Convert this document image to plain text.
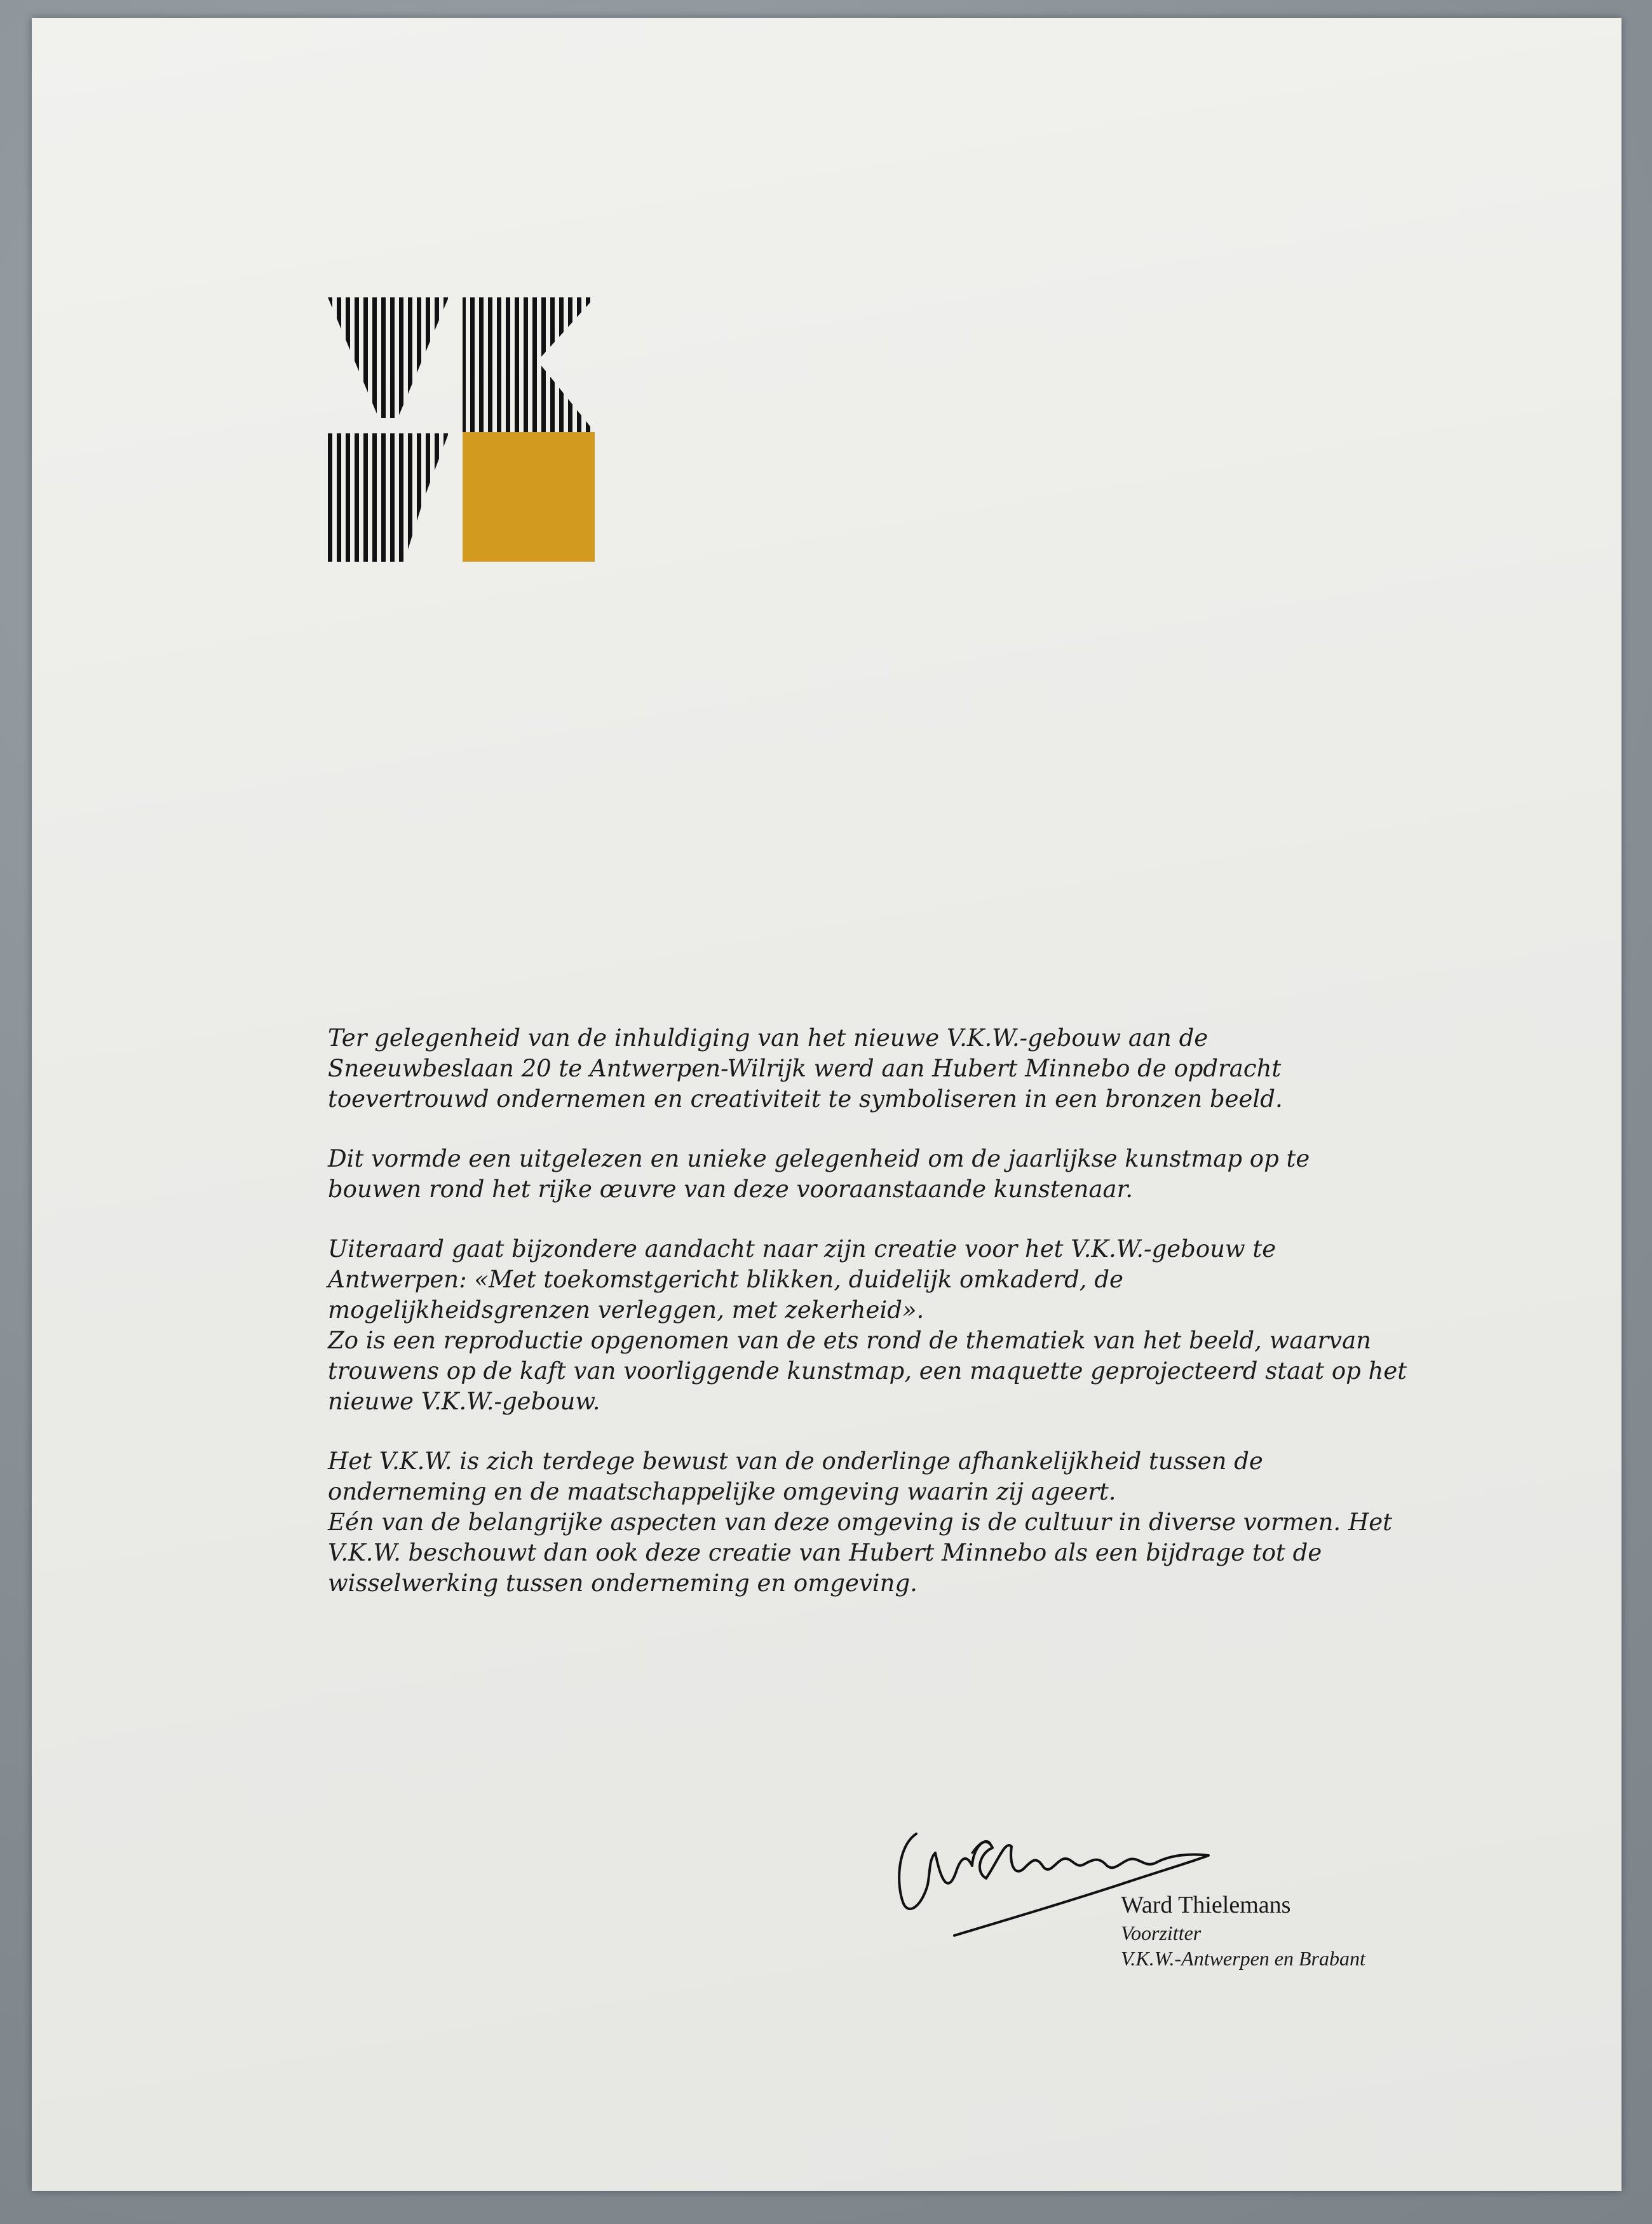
Ter gelegenheid van de inhuldiging van het nieuwe V.K.W.-gebouw aan de
Sneeuwbeslaan 20 te Antwerpen-Wilrijk werd aan Hubert Minnebo de opdracht
toevertrouwd ondernemen en creativiteit te symboliseren in een bronzen beeld.

Dit vormde een uitgelezen en unieke gelegenheid om de jaarlijkse kunstmap op te
bouwen rond het rijke œuvre van deze vooraanstaande kunstenaar.

Uiteraard gaat bijzondere aandacht naar zijn creatie voor het V.K.W.-gebouw te
Antwerpen: «Met toekomstgericht blikken, duidelijk omkaderd, de
mogelijkheidsgrenzen verleggen, met zekerheid».
Zo is een reproductie opgenomen van de ets rond de thematiek van het beeld, waarvan
trouwens op de kaft van voorliggende kunstmap, een maquette geprojecteerd staat op het
nieuwe V.K.W.-gebouw.

Het V.K.W. is zich terdege bewust van de onderlinge afhankelijkheid tussen de
onderneming en de maatschappelijke omgeving waarin zij ageert.
Eén van de belangrijke aspecten van deze omgeving is de cultuur in diverse vormen. Het
V.K.W. beschouwt dan ook deze creatie van Hubert Minnebo als een bijdrage tot de
wisselwerking tussen onderneming en omgeving.

Ward Thielemans
Voorzitter
V.K.W.-Antwerpen en Brabant
